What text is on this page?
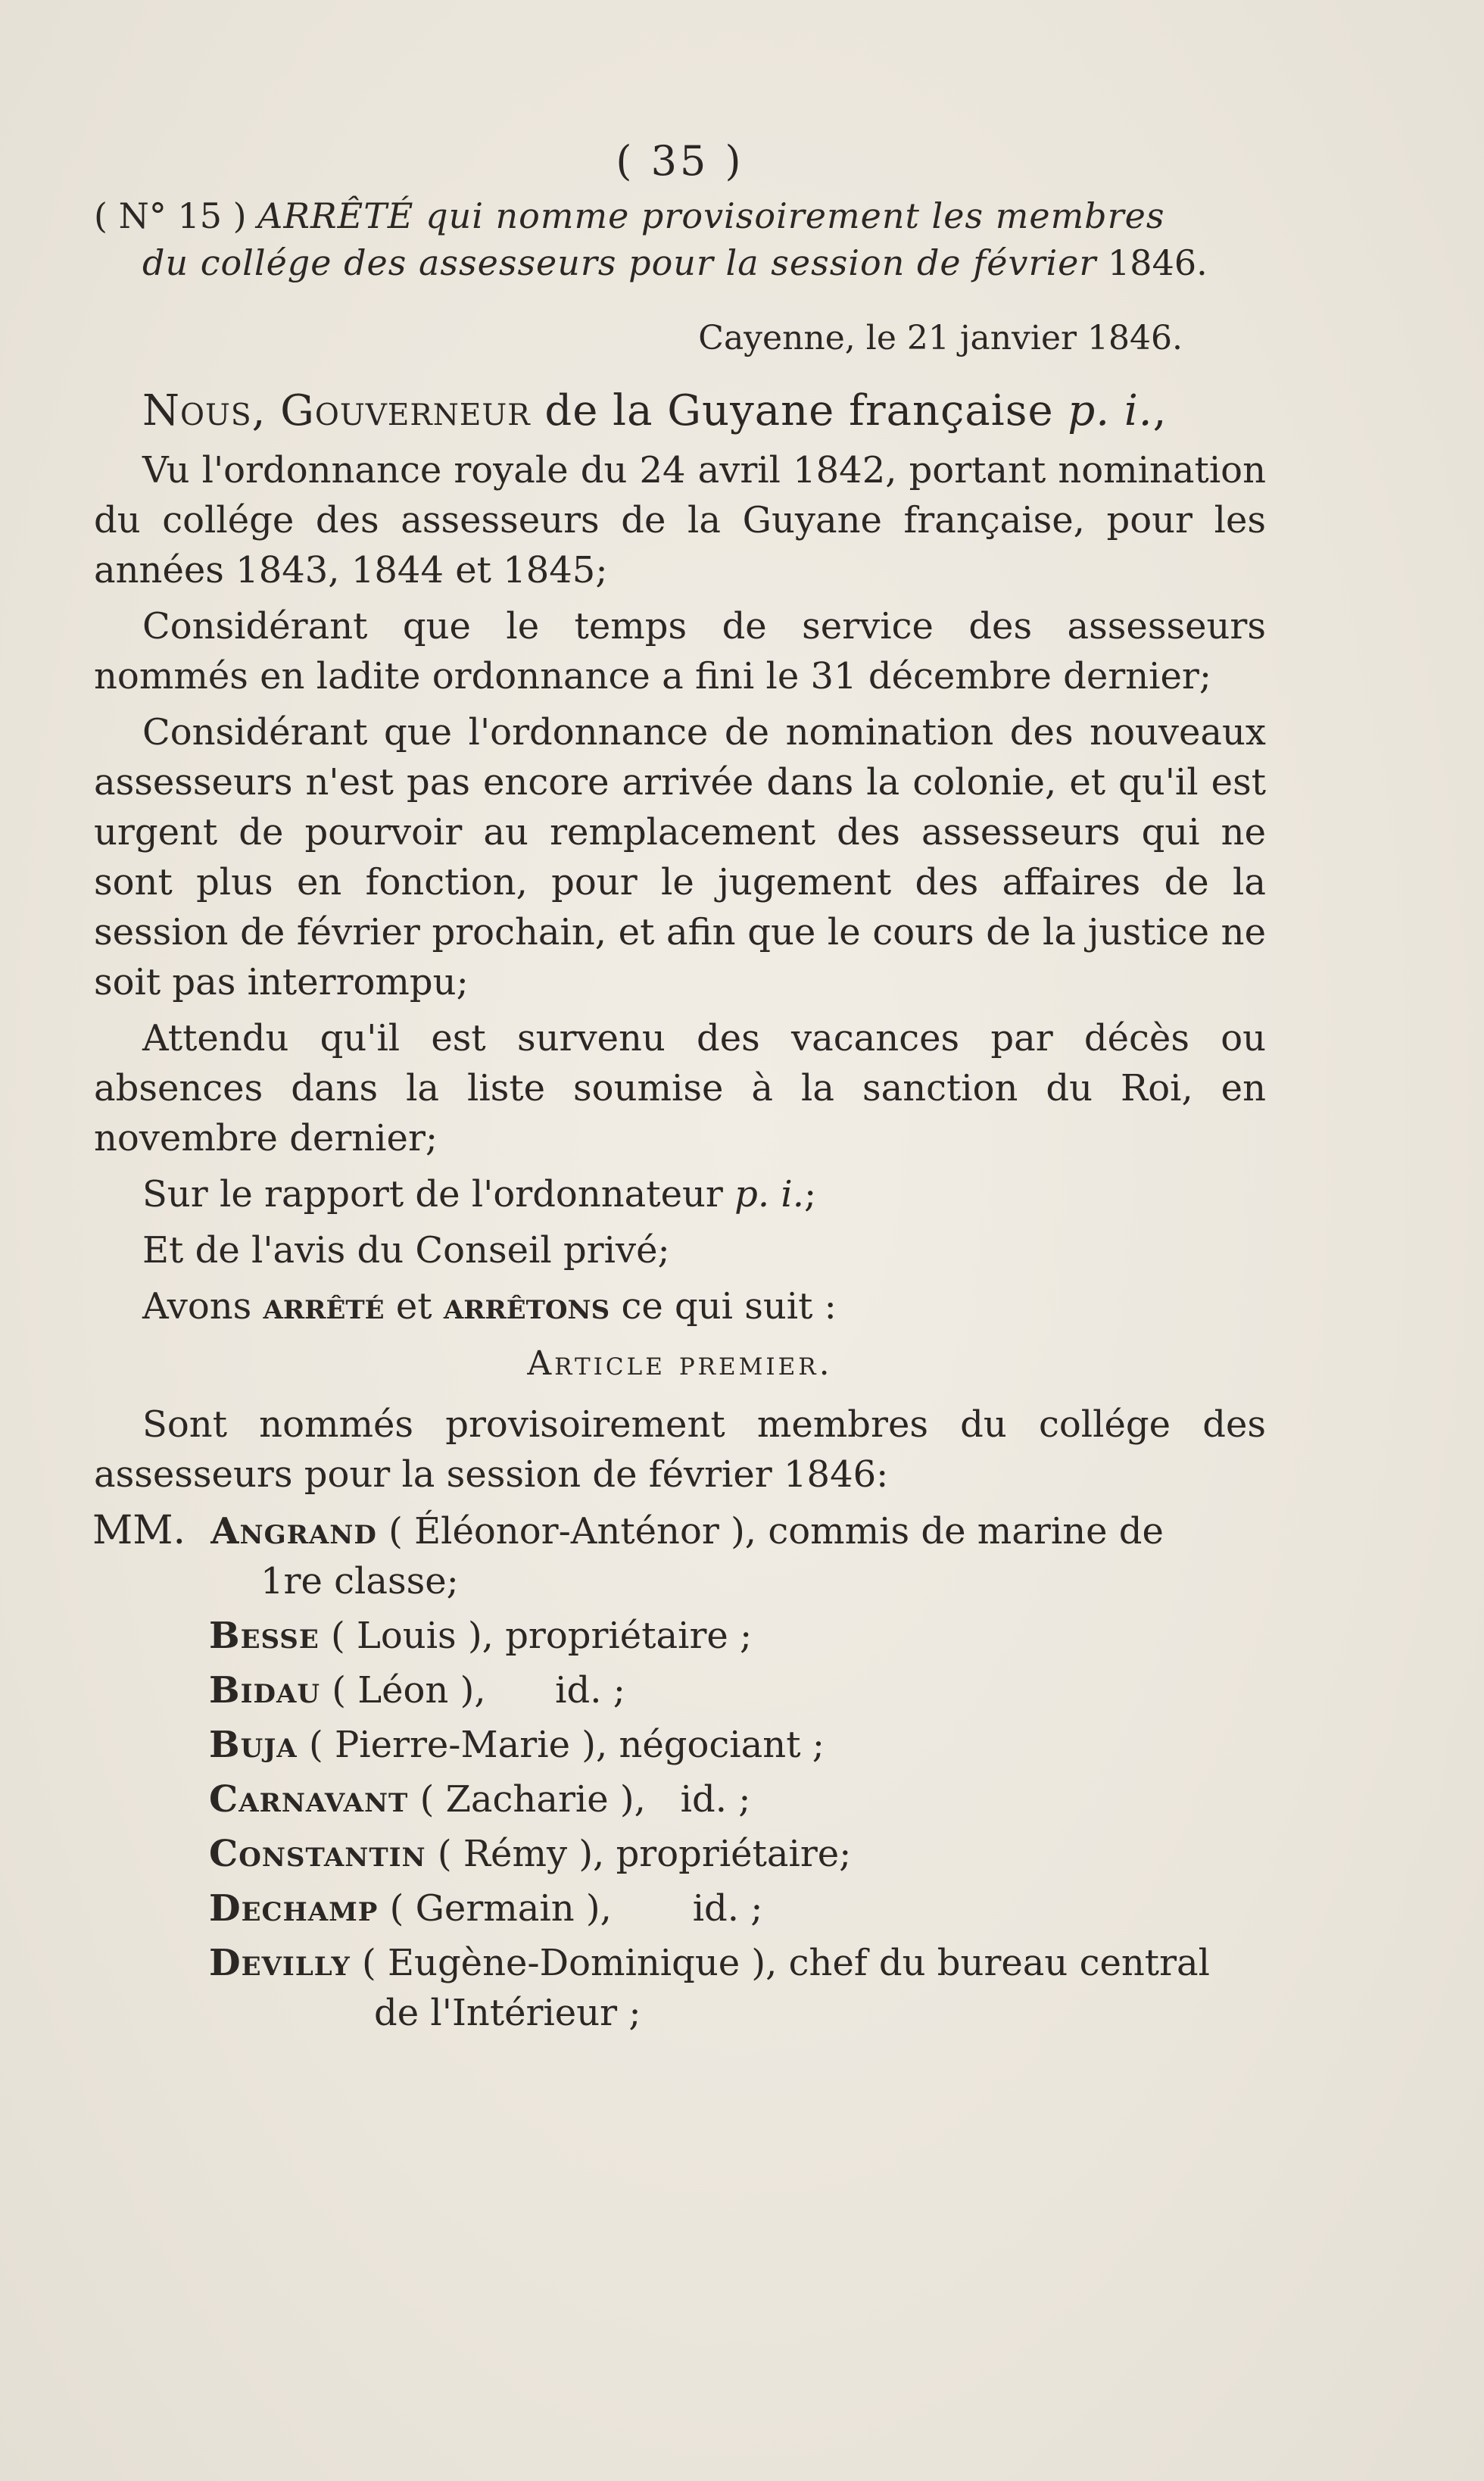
( 35 )
( N° 15 ) ARRÊTÉ qui nomme provisoirement les membres
du collége des assesseurs pour la session de février 1846.
Cayenne, le 21 janvier 1846.
Nous, Gouverneur de la Guyane française p. i.,

Vu l'ordonnance royale du 24 avril 1842, portant nomination du collége des assesseurs de la Guyane française, pour les années 1843, 1844 et 1845;

Considérant que le temps de service des assesseurs nommés en ladite ordonnance a fini le 31 décembre dernier;

Considérant que l'ordonnance de nomination des nouveaux assesseurs n'est pas encore arrivée dans la colonie, et qu'il est urgent de pourvoir au remplacement des assesseurs qui ne sont plus en fonction, pour le jugement des affaires de la session de février prochain, et afin que le cours de la justice ne soit pas interrompu;

Attendu qu'il est survenu des vacances par décès ou absences dans la liste soumise à la sanction du Roi, en novembre dernier;

Sur le rapport de l'ordonnateur p. i.;

Et de l'avis du Conseil privé;

Avons arrêté et arrêtons ce qui suit :

Article premier.

Sont nommés provisoirement membres du collége des assesseurs pour la session de février 1846:

MM. Angrand ( Éléonor-Anténor ), commis de marine de
1re classe;
Besse ( Louis ), propriétaire ;
Bidau ( Léon ),      id. ;
Buja ( Pierre-Marie ), négociant ;
Carnavant ( Zacharie ),   id. ;
Constantin ( Rémy ), propriétaire;
Dechamp ( Germain ),       id. ;
Devilly ( Eugène-Dominique ), chef du bureau central
de l'Intérieur ;
